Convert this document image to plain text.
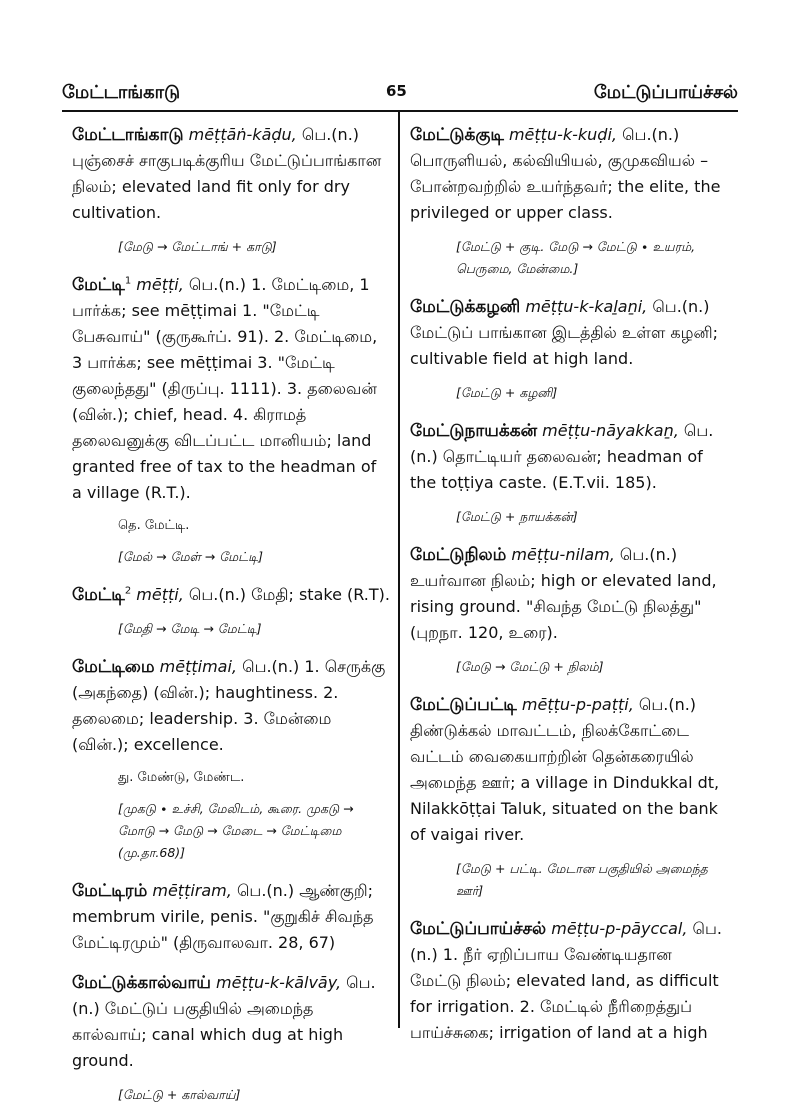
மேட்டாங்காடு	65	மேட்டுப்பாய்ச்சல்
மேட்டாங்காடு mēṭṭāṅ-kāḍu, பெ.(n.) புஞ்சைச் சாகுபடிக்குரிய மேட்டுப்பாங்கான நிலம்; elevated land fit only for dry cultivation.
[மேடு → மேட்டாங் + காடு]
மேட்டி$^1$ mēṭṭi, பெ.(n.) 1. மேட்டிமை, 1 பார்க்க; see mēṭṭimai 1. "மேட்டி பேசுவாய்" (குருகூர்ப். 91). 2. மேட்டிமை, 3 பார்க்க; see mēṭṭimai 3. "மேட்டி குலைந்தது" (திருப்பு. 1111). 3. தலைவன் (வின்.); chief, head. 4. கிராமத் தலைவனுக்கு விடப்பட்ட மானியம்; land granted free of tax to the headman of a village (R.T.).
தெ. மேட்டி.
[மேல் → மேள் → மேட்டி]
மேட்டி$^2$ mēṭṭi, பெ.(n.) மேதி; stake (R.T).
[மேதி → மேடி → மேட்டி]
மேட்டிமை mēṭṭimai, பெ.(n.) 1. செருக்கு (அகந்தை) (வின்.); haughtiness. 2. தலைமை; leadership. 3. மேன்மை (வின்.); excellence.
து. மேண்டு, மேண்ட.
[முகடு ∙ உச்சி, மேலிடம், கூரை. முகடு → மோடு → மேடு → மேடை → மேட்டிமை (மு.தா.68)]
மேட்டிரம் mēṭṭiram, பெ.(n.) ஆண்குறி; membrum virile, penis. "குறுகிச் சிவந்த மேட்டிரமும்" (திருவாலவா. 28, 67)
மேட்டுக்கால்வாய் mēṭṭu-k-kālvāy, பெ.(n.) மேட்டுப் பகுதியில் அமைந்த கால்வாய்; canal which dug at high ground.
[மேட்டு + கால்வாய்]
மேட்டுக்குடி mēṭṭu-k-kuḍi, பெ.(n.) பொருளியல், கல்வியியல், குமுகவியல் – போன்றவற்றில் உயர்ந்தவர்; the elite, the privileged or upper class.
[மேட்டு + குடி. மேடு → மேட்டு ∙ உயரம், பெருமை, மேன்மை.]
மேட்டுக்கழனி mēṭṭu-k-kaḻaṉi, பெ.(n.) மேட்டுப் பாங்கான இடத்தில் உள்ள கழனி; cultivable field at high land.
[மேட்டு + கழனி]
மேட்டுநாயக்கன் mēṭṭu-nāyakkaṉ, பெ.(n.) தொட்டியர் தலைவன்; headman of the toṭṭiya caste. (E.T.vii. 185).
[மேட்டு + நாயக்கன்]
மேட்டுநிலம் mēṭṭu-nilam, பெ.(n.) உயர்வான நிலம்; high or elevated land, rising ground. "சிவந்த மேட்டு நிலத்து" (புறநா. 120, உரை).
[மேடு → மேட்டு + நிலம்]
மேட்டுப்பட்டி mēṭṭu-p-paṭṭi, பெ.(n.) திண்டுக்கல் மாவட்டம், நிலக்கோட்டை வட்டம் வைகையாற்றின் தென்கரையில் அமைந்த ஊர்; a village in Dindukkal dt, Nilakkōṭṭai Taluk, situated on the bank of vaigai river.
[மேடு + பட்டி. மேடான பகுதியில் அமைந்த ஊர்]
மேட்டுப்பாய்ச்சல் mēṭṭu-p-pāyccal, பெ.(n.) 1. நீர் ஏறிப்பாய வேண்டியதான மேட்டு நிலம்; elevated land, as difficult for irrigation. 2. மேட்டில் நீரிறைத்துப் பாய்ச்சுகை; irrigation of land at a high
